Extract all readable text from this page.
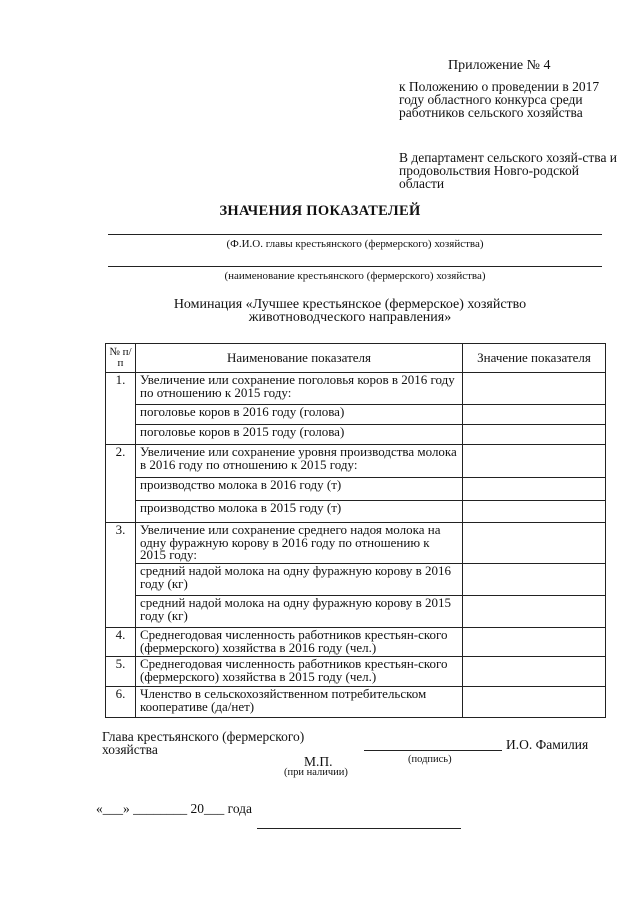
Приложение № 4
к Положению о проведении в 2017 году областного конкурса среди работников сельского хозяйства
В департамент сельского хозяй-ства и продовольствия Новго-родской области
ЗНАЧЕНИЯ ПОКАЗАТЕЛЕЙ
(Ф.И.О. главы крестьянского (фермерского) хозяйства)
(наименование крестьянского (фермерского) хозяйства)
Номинация «Лучшее крестьянское (фермерское) хозяйство животноводческого направления»
№ п/п	Наименование показателя	Значение показателя
1.	Увеличение или сохранение поголовья коров в 2016 году по отношению к 2015 году:	
	поголовье коров в 2016 году (голова)	
	поголовье коров в 2015 году (голова)	
2.	Увеличение или сохранение уровня производства молока в 2016 году по отношению к 2015 году:	
	производство молока в 2016 году (т)	
	производство молока в 2015 году (т)	
3.	Увеличение или сохранение среднего надоя молока на одну фуражную корову в 2016 году по отношению к 2015 году:	
	средний надой молока на одну фуражную корову в 2016 году (кг)	
	средний надой молока на одну фуражную корову в 2015 году (кг)	
4.	Среднегодовая численность работников крестьян-ского (фермерского) хозяйства в 2016 году (чел.)	
5.	Среднегодовая численность работников крестьян-ского (фермерского) хозяйства в 2015 году (чел.)	
6.	Членство в сельскохозяйственном потребительском кооперативе (да/нет)	
Глава крестьянского (фермерского) хозяйства	И.О. Фамилия
М.П.	(подпись)
(при наличии)
«___» ________ 20___ года
